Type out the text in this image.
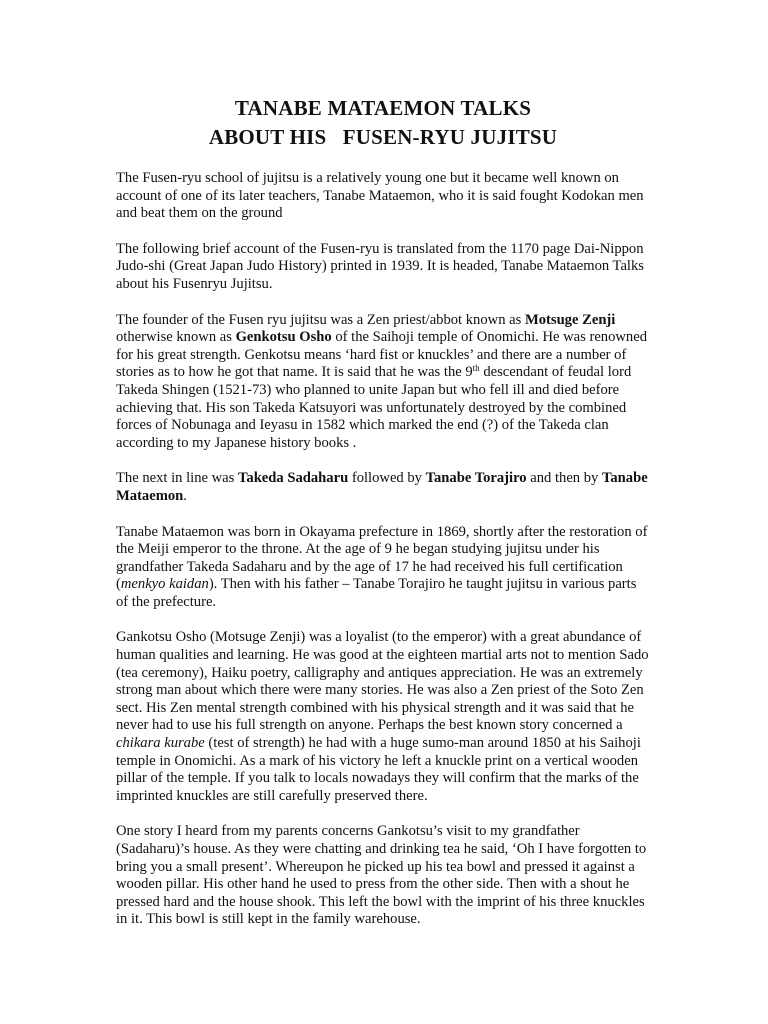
TANABE MATAEMON TALKS
ABOUT HIS   FUSEN-RYU JUJITSU

The Fusen-ryu school of jujitsu is a relatively young one but it became well known on account of one of its later teachers, Tanabe Mataemon, who it is said fought Kodokan men and beat them on the ground

The following brief account of the Fusen-ryu is translated from the 1170 page Dai-Nippon Judo-shi (Great Japan Judo History) printed in 1939. It is headed, Tanabe Mataemon Talks about his Fusenryu Jujitsu.

The founder of the Fusen ryu jujitsu was a Zen priest/abbot known as Motsuge Zenji otherwise known as Genkotsu Osho of the Saihoji temple of Onomichi. He was renowned for his great strength. Genkotsu means ‘hard fist or knuckles’ and there are a number of stories as to how he got that name. It is said that he was the 9th descendant of feudal lord Takeda Shingen (1521-73) who planned to unite Japan but who fell ill and died before achieving that. His son Takeda Katsuyori was unfortunately destroyed by the combined forces of Nobunaga and Ieyasu in 1582 which marked the end (?) of the Takeda clan according to my Japanese history books .

The next in line was Takeda Sadaharu followed by Tanabe Torajiro and then by Tanabe Mataemon.

Tanabe Mataemon was born in Okayama prefecture in 1869, shortly after the restoration of the Meiji emperor to the throne. At the age of 9 he began studying jujitsu under his grandfather Takeda Sadaharu and by the age of 17 he had received his full certification (menkyo kaidan). Then with his father – Tanabe Torajiro he taught jujitsu in various parts of the prefecture.

Gankotsu Osho (Motsuge Zenji) was a loyalist (to the emperor) with a great abundance of human qualities and learning. He was good at the eighteen martial arts not to mention Sado (tea ceremony), Haiku poetry, calligraphy and antiques appreciation. He was an extremely strong man about which there were many stories. He was also a Zen priest of the Soto Zen sect. His Zen mental strength combined with his physical strength and it was said that he never had to use his full strength on anyone. Perhaps the best known story concerned a chikara kurabe (test of strength) he had with a huge sumo-man around 1850 at his Saihoji temple in Onomichi. As a mark of his victory he left a knuckle print on a vertical wooden pillar of the temple. If you talk to locals nowadays they will confirm that the marks of the imprinted knuckles are still carefully preserved there.

One story I heard from my parents concerns Gankotsu’s visit to my grandfather (Sadaharu)’s house. As they were chatting and drinking tea he said, ‘Oh I have forgotten to bring you a small present’. Whereupon he picked up his tea bowl and pressed it against a wooden pillar. His other hand he used to press from the other side. Then with a shout he pressed hard and the house shook. This left the bowl with the imprint of his three knuckles in it. This bowl is still kept in the family warehouse.
